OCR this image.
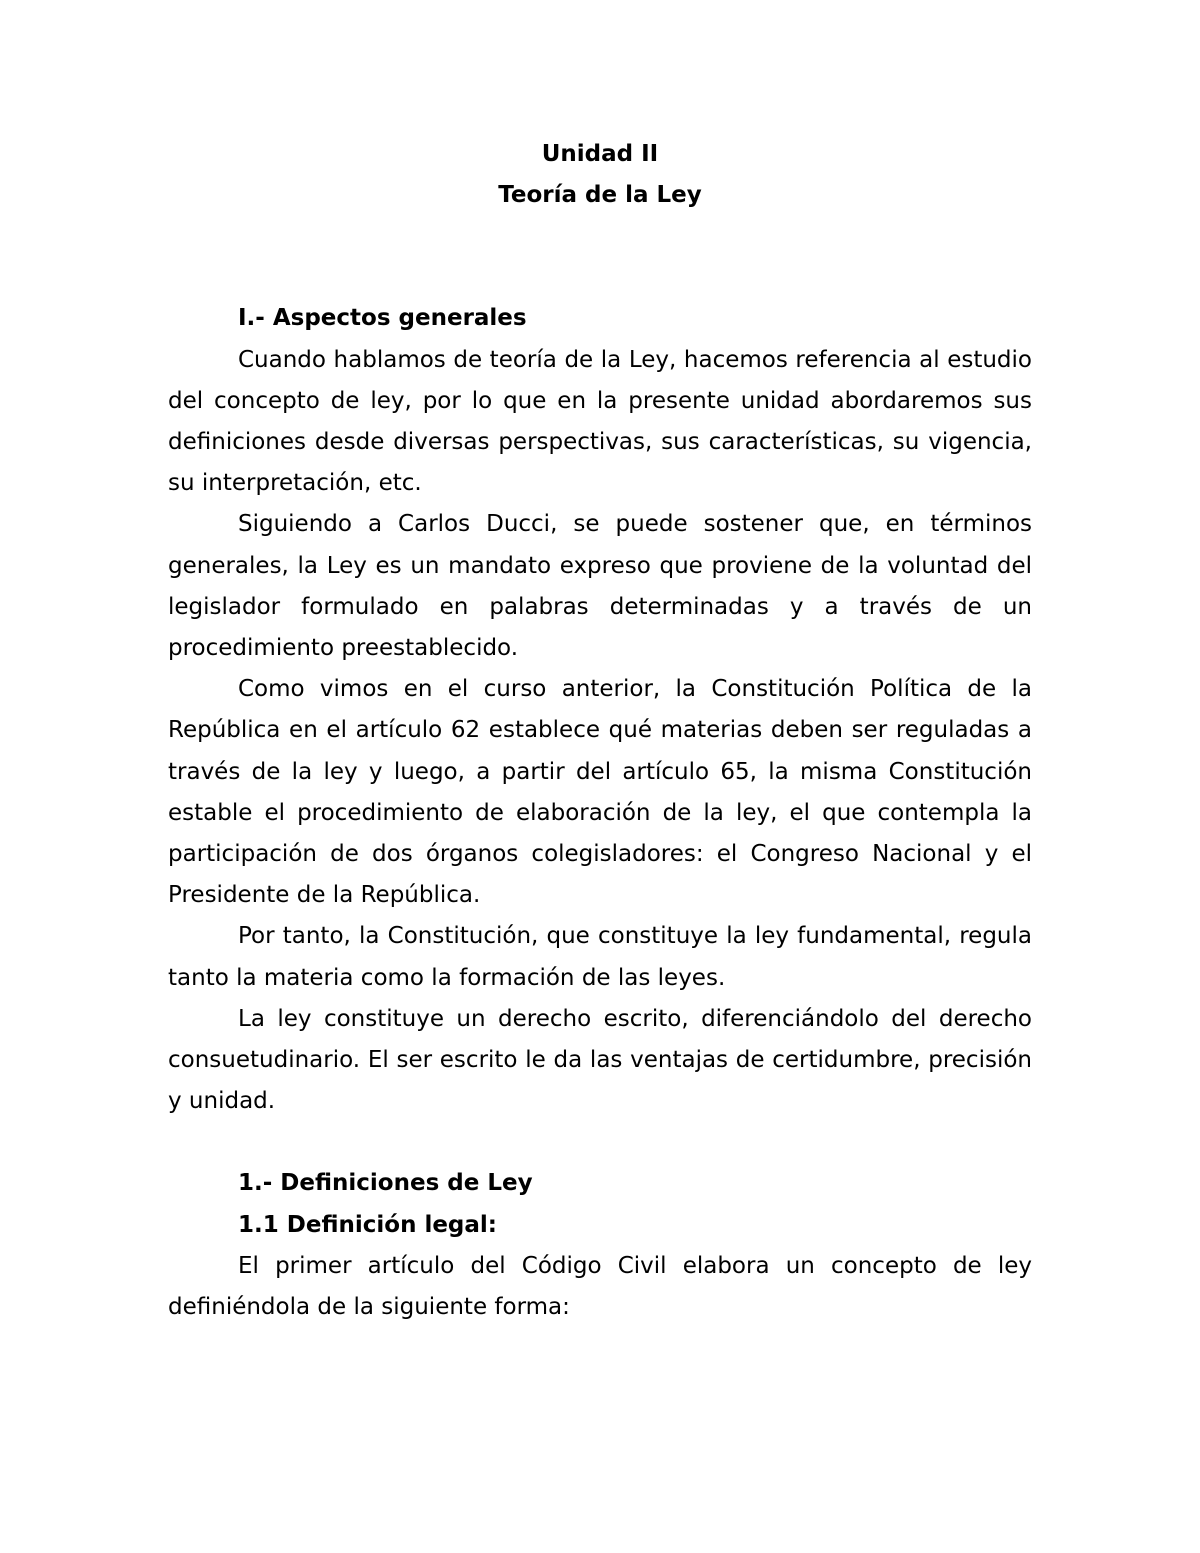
Unidad II

Teoría de la Ley

I.- Aspectos generales

Cuando hablamos de teoría de la Ley, hacemos referencia al estudio del concepto de ley, por lo que en la presente unidad abordaremos sus definiciones desde diversas perspectivas, sus características, su vigencia, su interpretación, etc.

Siguiendo a Carlos Ducci, se puede sostener que, en términos generales, la Ley es un mandato expreso que proviene de la voluntad del legislador formulado en palabras determinadas y a través de un procedimiento preestablecido.

Como vimos en el curso anterior, la Constitución Política de la República en el artículo 62 establece qué materias deben ser reguladas a través de la ley y luego, a partir del artículo 65, la misma Constitución estable el procedimiento de elaboración de la ley, el que contempla la participación de dos órganos colegisladores: el Congreso Nacional y el Presidente de la República.

Por tanto, la Constitución, que constituye la ley fundamental, regula tanto la materia como la formación de las leyes.

La ley constituye un derecho escrito, diferenciándolo del derecho consuetudinario. El ser escrito le da las ventajas de certidumbre, precisión y unidad.

1.- Definiciones de Ley

1.1 Definición legal:

El primer artículo del Código Civil elabora un concepto de ley definiéndola de la siguiente forma:
